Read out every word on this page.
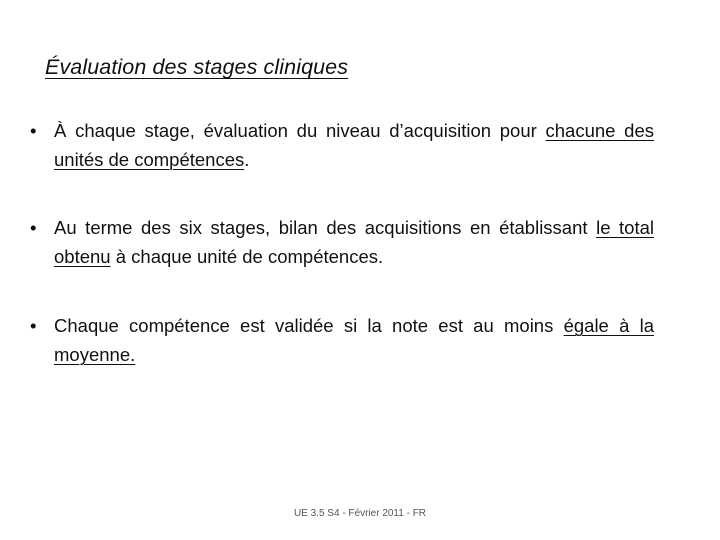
Évaluation des stages cliniques
• À chaque stage, évaluation du niveau d’acquisition pour chacune des unités de compétences.
• Au terme des six stages, bilan des acquisitions en établissant le total obtenu à chaque unité de compétences.
• Chaque compétence est validée si la note est au moins égale à la moyenne.
UE 3.5 S4 - Février 2011 - FR
